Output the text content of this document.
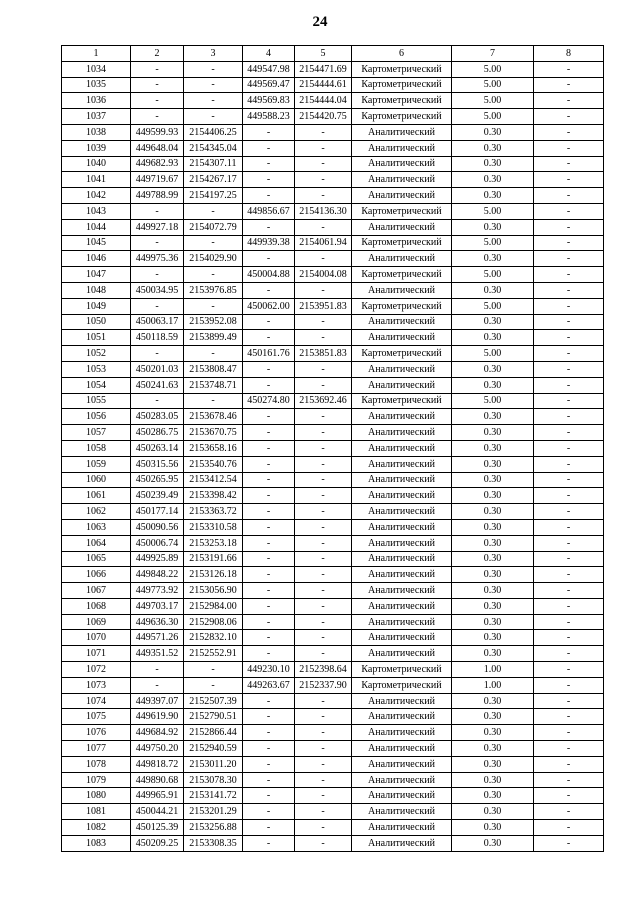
24
1	2	3	4	5	6	7	8
1034	-	-	449547.98	2154471.69	Картометрический	5.00	-
1035	-	-	449569.47	2154444.61	Картометрический	5.00	-
1036	-	-	449569.83	2154444.04	Картометрический	5.00	-
1037	-	-	449588.23	2154420.75	Картометрический	5.00	-
1038	449599.93	2154406.25	-	-	Аналитический	0.30	-
1039	449648.04	2154345.04	-	-	Аналитический	0.30	-
1040	449682.93	2154307.11	-	-	Аналитический	0.30	-
1041	449719.67	2154267.17	-	-	Аналитический	0.30	-
1042	449788.99	2154197.25	-	-	Аналитический	0.30	-
1043	-	-	449856.67	2154136.30	Картометрический	5.00	-
1044	449927.18	2154072.79	-	-	Аналитический	0.30	-
1045	-	-	449939.38	2154061.94	Картометрический	5.00	-
1046	449975.36	2154029.90	-	-	Аналитический	0.30	-
1047	-	-	450004.88	2154004.08	Картометрический	5.00	-
1048	450034.95	2153976.85	-	-	Аналитический	0.30	-
1049	-	-	450062.00	2153951.83	Картометрический	5.00	-
1050	450063.17	2153952.08	-	-	Аналитический	0.30	-
1051	450118.59	2153899.49	-	-	Аналитический	0.30	-
1052	-	-	450161.76	2153851.83	Картометрический	5.00	-
1053	450201.03	2153808.47	-	-	Аналитический	0.30	-
1054	450241.63	2153748.71	-	-	Аналитический	0.30	-
1055	-	-	450274.80	2153692.46	Картометрический	5.00	-
1056	450283.05	2153678.46	-	-	Аналитический	0.30	-
1057	450286.75	2153670.75	-	-	Аналитический	0.30	-
1058	450263.14	2153658.16	-	-	Аналитический	0.30	-
1059	450315.56	2153540.76	-	-	Аналитический	0.30	-
1060	450265.95	2153412.54	-	-	Аналитический	0.30	-
1061	450239.49	2153398.42	-	-	Аналитический	0.30	-
1062	450177.14	2153363.72	-	-	Аналитический	0.30	-
1063	450090.56	2153310.58	-	-	Аналитический	0.30	-
1064	450006.74	2153253.18	-	-	Аналитический	0.30	-
1065	449925.89	2153191.66	-	-	Аналитический	0.30	-
1066	449848.22	2153126.18	-	-	Аналитический	0.30	-
1067	449773.92	2153056.90	-	-	Аналитический	0.30	-
1068	449703.17	2152984.00	-	-	Аналитический	0.30	-
1069	449636.30	2152908.06	-	-	Аналитический	0.30	-
1070	449571.26	2152832.10	-	-	Аналитический	0.30	-
1071	449351.52	2152552.91	-	-	Аналитический	0.30	-
1072	-	-	449230.10	2152398.64	Картометрический	1.00	-
1073	-	-	449263.67	2152337.90	Картометрический	1.00	-
1074	449397.07	2152507.39	-	-	Аналитический	0.30	-
1075	449619.90	2152790.51	-	-	Аналитический	0.30	-
1076	449684.92	2152866.44	-	-	Аналитический	0.30	-
1077	449750.20	2152940.59	-	-	Аналитический	0.30	-
1078	449818.72	2153011.20	-	-	Аналитический	0.30	-
1079	449890.68	2153078.30	-	-	Аналитический	0.30	-
1080	449965.91	2153141.72	-	-	Аналитический	0.30	-
1081	450044.21	2153201.29	-	-	Аналитический	0.30	-
1082	450125.39	2153256.88	-	-	Аналитический	0.30	-
1083	450209.25	2153308.35	-	-	Аналитический	0.30	-
